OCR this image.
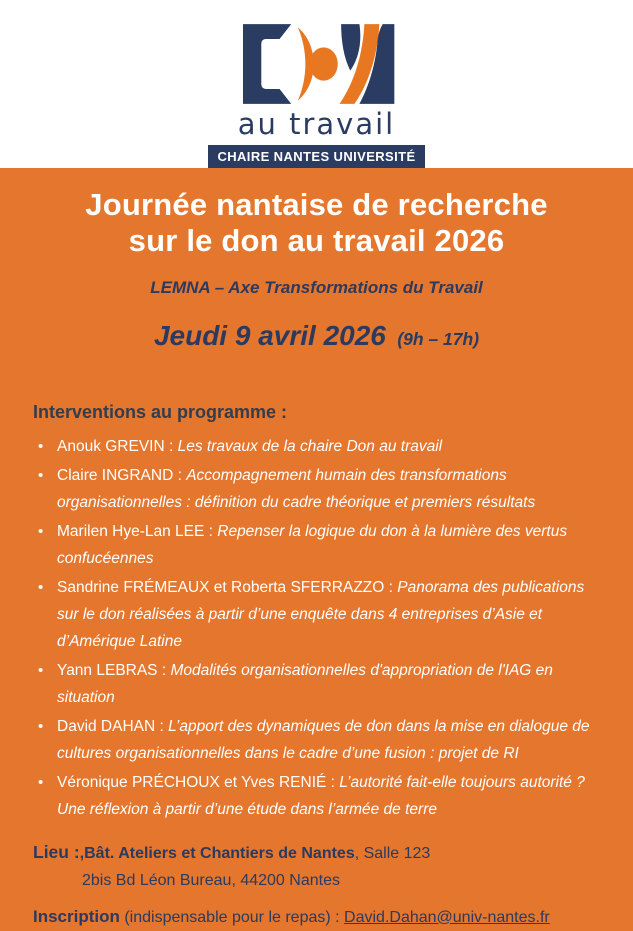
au travail
CHAIRE NANTES UNIVERSITÉ
Journée nantaise de recherche
sur le don au travail 2026
LEMNA – Axe Transformations du Travail
Jeudi 9 avril 2026 (9h – 17h)
Interventions au programme :
• Anouk GREVIN : Les travaux de la chaire Don au travail
• Claire INGRAND : Accompagnement humain des transformations organisationnelles : définition du cadre théorique et premiers résultats
• Marilen Hye-Lan LEE : Repenser la logique du don à la lumière des vertus confucéennes
• Sandrine FRÉMEAUX et Roberta SFERRAZZO : Panorama des publications sur le don réalisées à partir d’une enquête dans 4 entreprises d’Asie et d’Amérique Latine
• Yann LEBRAS : Modalités organisationnelles d'appropriation de l'IAG en situation
• David DAHAN : L’apport des dynamiques de don dans la mise en dialogue de cultures organisationnelles dans le cadre d’une fusion : projet de RI
• Véronique PRÉCHOUX et Yves RENIÉ : L’autorité fait-elle toujours autorité ? Une réflexion à partir d’une étude dans l’armée de terre
Lieu :,Bât. Ateliers et Chantiers de Nantes, Salle 123
2bis Bd Léon Bureau, 44200 Nantes
Inscription (indispensable pour le repas) : David.Dahan@univ-nantes.fr
